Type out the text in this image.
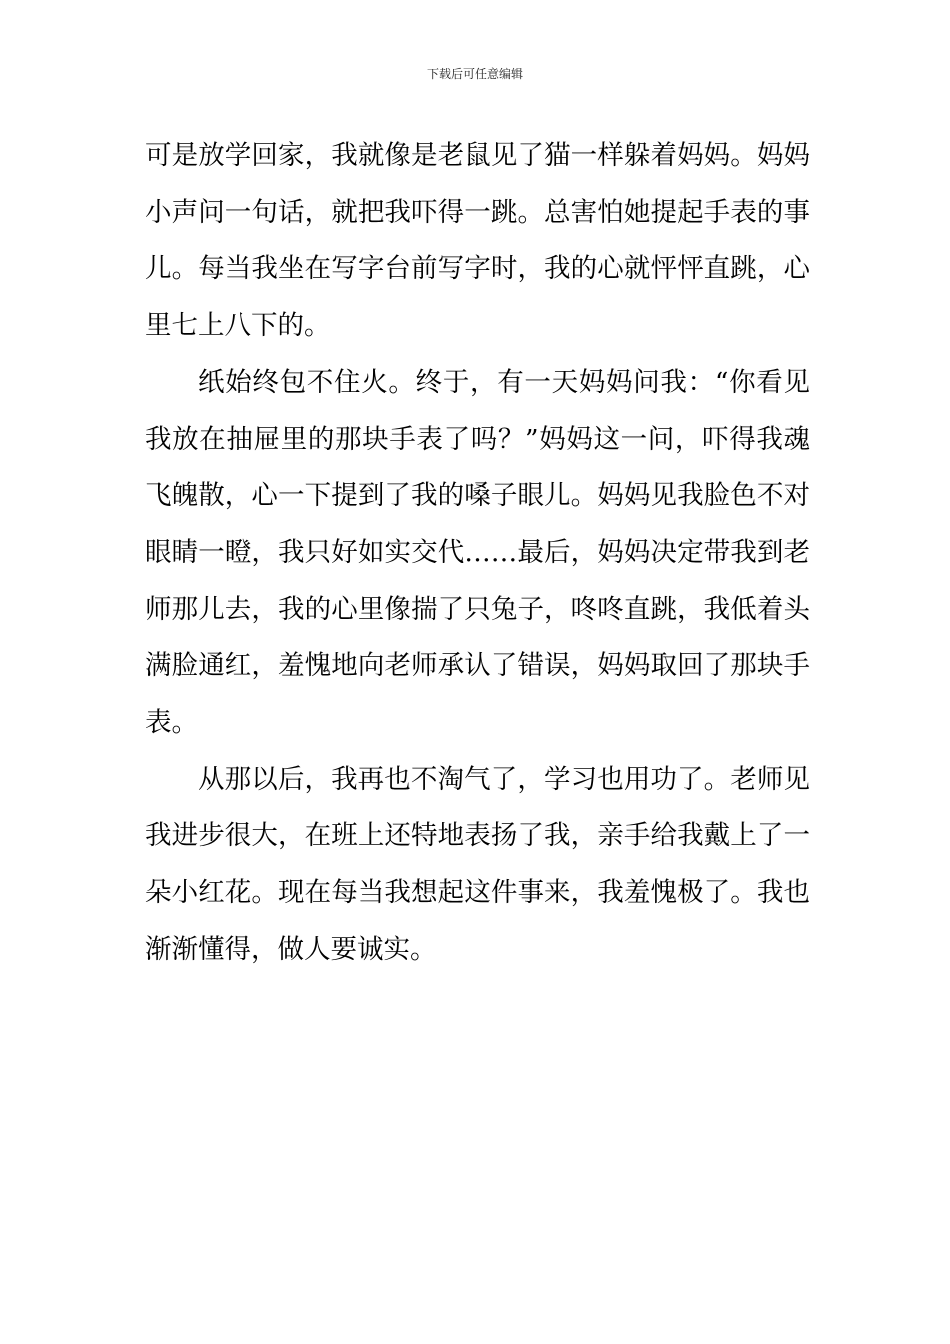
下载后可任意编辑

可是放学回家，我就像是老鼠见了猫一样躲着妈妈。妈妈小声问一句话，就把我吓得一跳。总害怕她提起手表的事儿。每当我坐在写字台前写字时，我的心就怦怦直跳，心里七上八下的。

纸始终包不住火。终于，有一天妈妈问我：“你看见我放在抽屉里的那块手表了吗？”妈妈这一问，吓得我魂飞魄散，心一下提到了我的嗓子眼儿。妈妈见我脸色不对眼睛一瞪，我只好如实交代……最后，妈妈决定带我到老师那儿去，我的心里像揣了只兔子，咚咚直跳，我低着头满脸通红，羞愧地向老师承认了错误，妈妈取回了那块手表。

从那以后，我再也不淘气了，学习也用功了。老师见我进步很大，在班上还特地表扬了我，亲手给我戴上了一朵小红花。现在每当我想起这件事来，我羞愧极了。我也渐渐懂得，做人要诚实。
